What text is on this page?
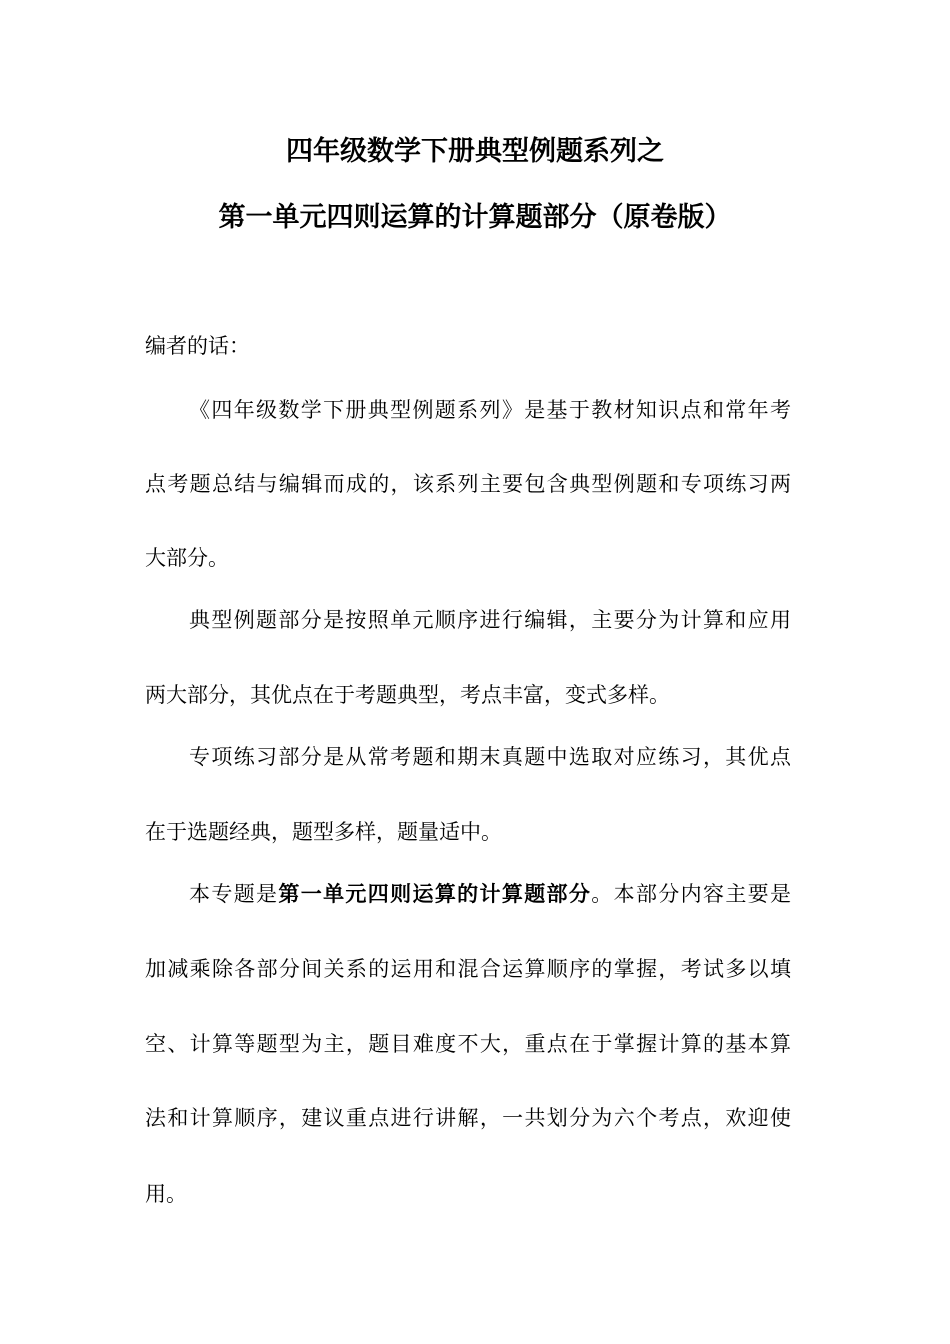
四年级数学下册典型例题系列之
第一单元四则运算的计算题部分（原卷版）
编者的话：
《四年级数学下册典型例题系列》是基于教材知识点和常年考
点考题总结与编辑而成的，该系列主要包含典型例题和专项练习两
大部分。
典型例题部分是按照单元顺序进行编辑，主要分为计算和应用
两大部分，其优点在于考题典型，考点丰富，变式多样。
专项练习部分是从常考题和期末真题中选取对应练习，其优点
在于选题经典，题型多样，题量适中。
本专题是第一单元四则运算的计算题部分。本部分内容主要是
加减乘除各部分间关系的运用和混合运算顺序的掌握，考试多以填
空、计算等题型为主，题目难度不大，重点在于掌握计算的基本算
法和计算顺序，建议重点进行讲解，一共划分为六个考点，欢迎使
用。
